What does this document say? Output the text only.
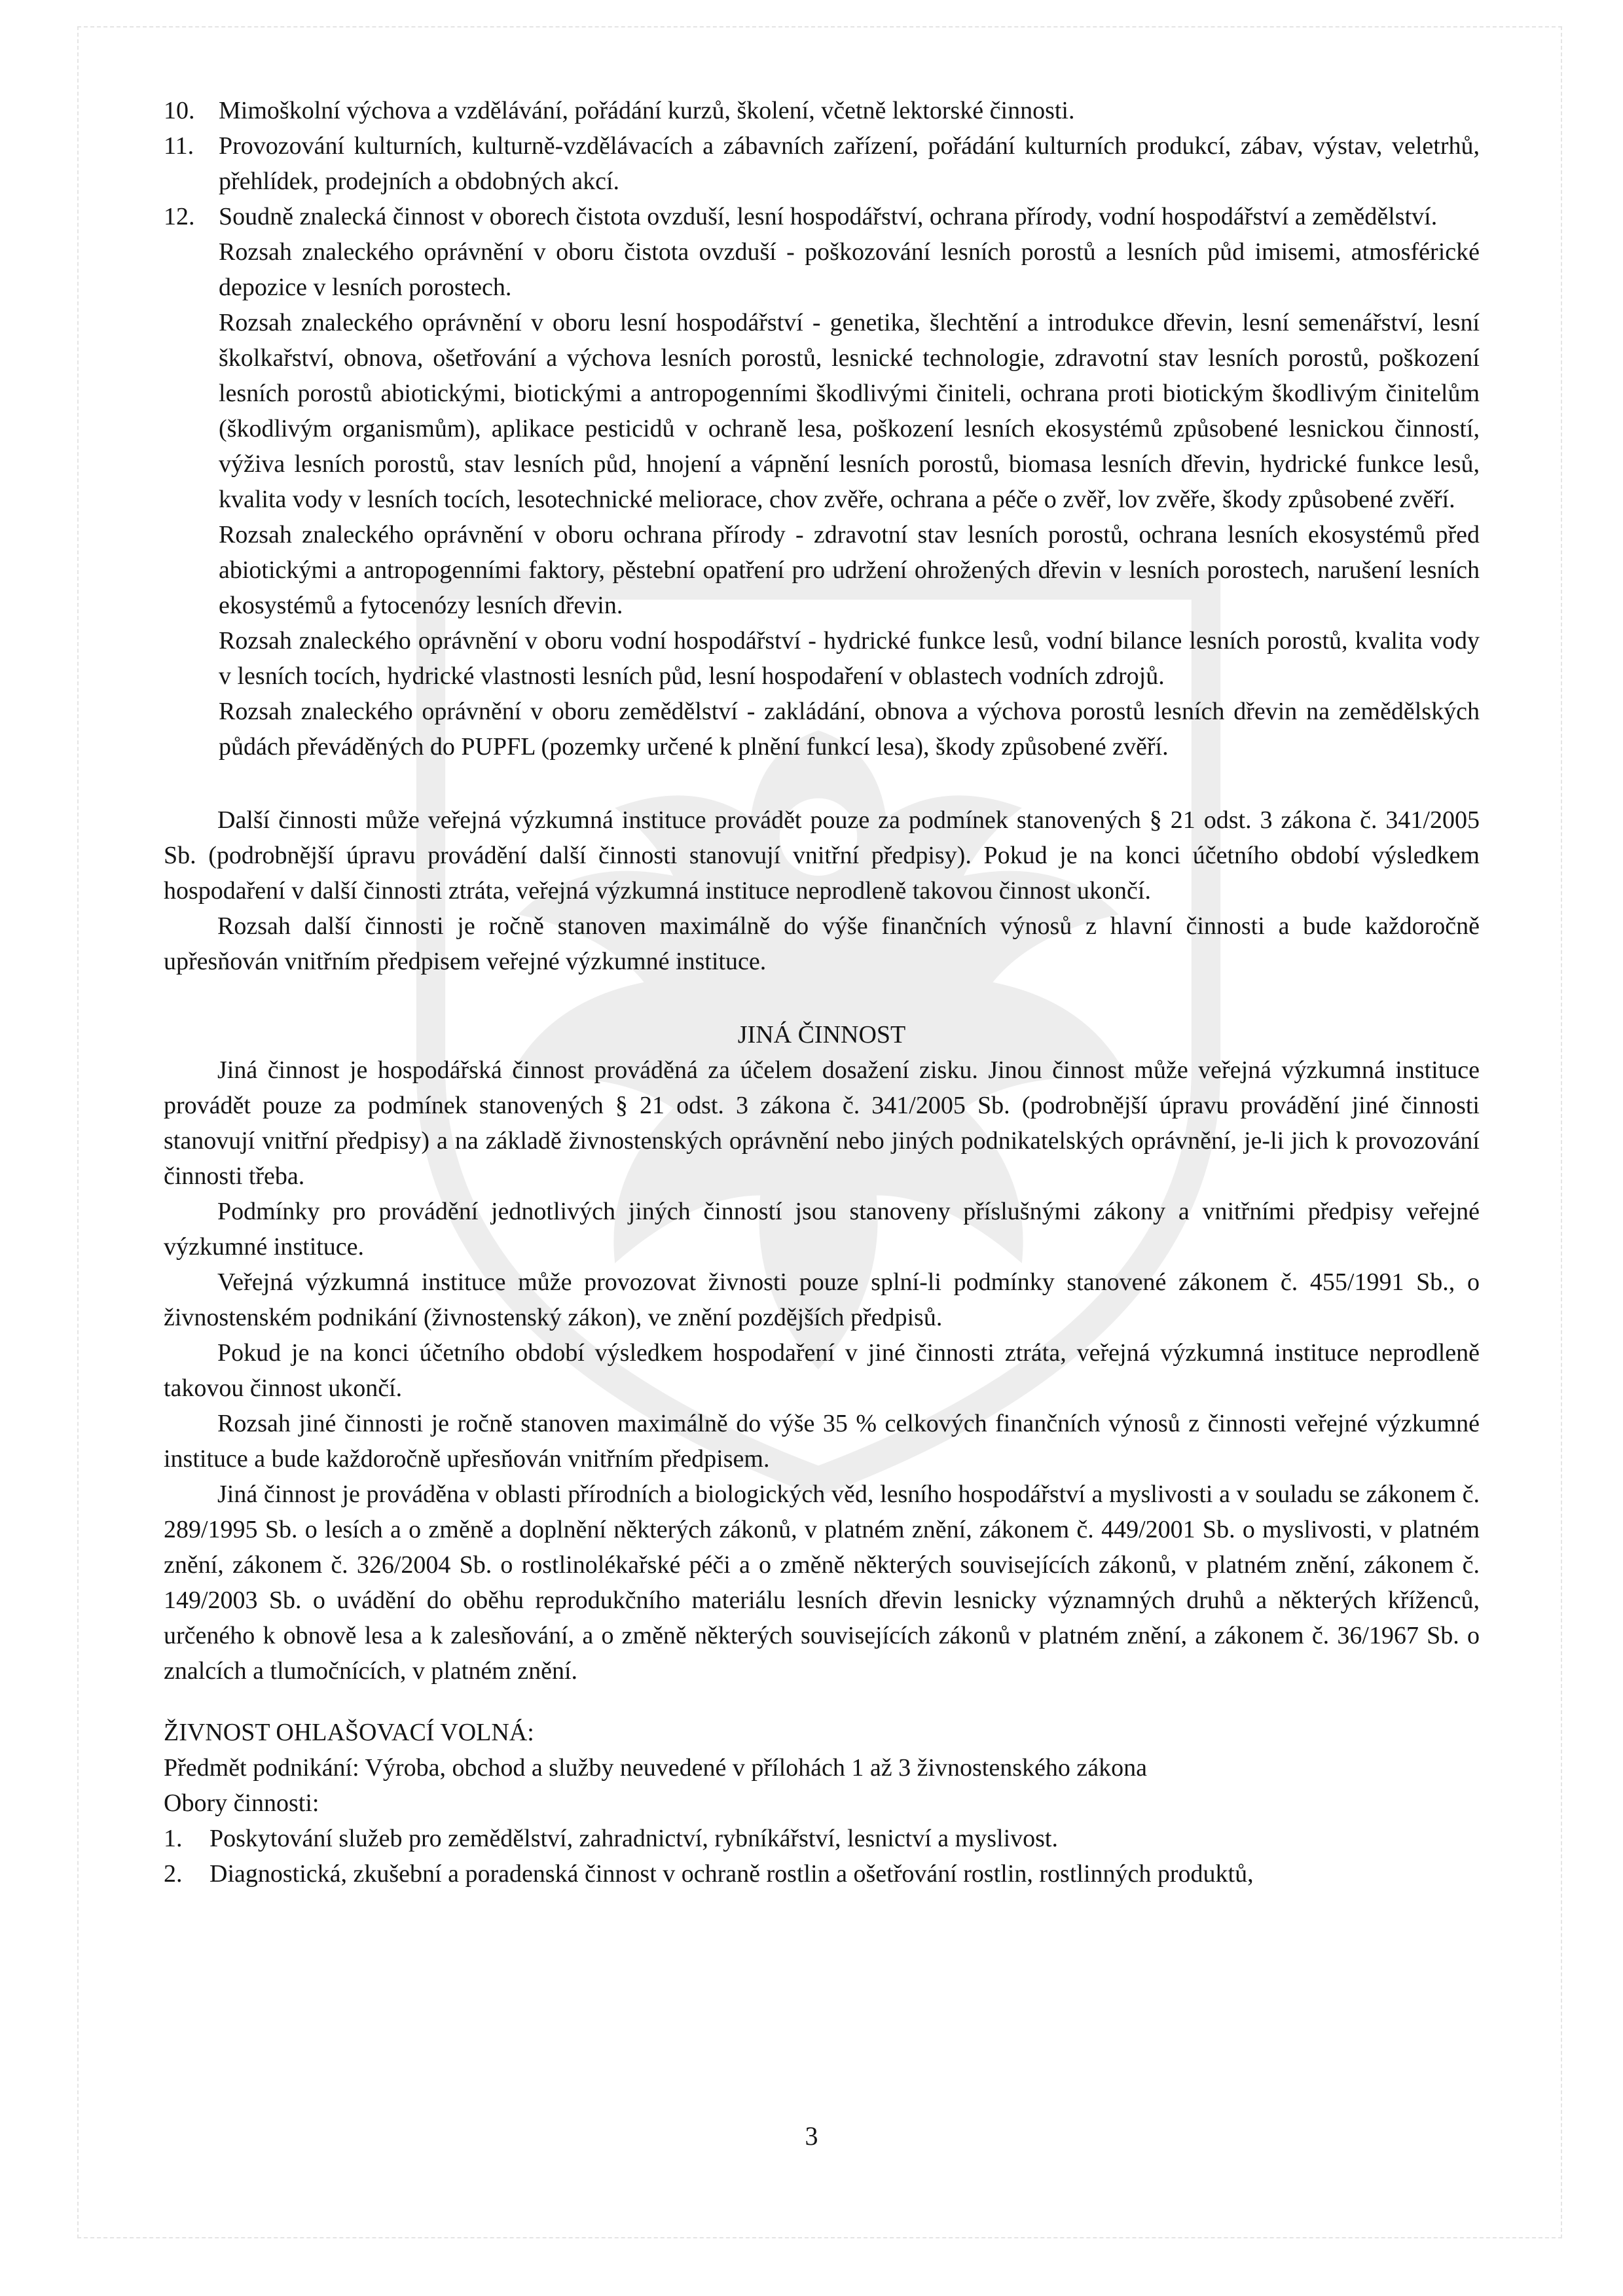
10. Mimoškolní výchova a vzdělávání, pořádání kurzů, školení, včetně lektorské činnosti.
11. Provozování kulturních, kulturně-vzdělávacích a zábavních zařízení, pořádání kulturních produkcí, zábav, výstav, veletrhů, přehlídek, prodejních a obdobných akcí.
12. Soudně znalecká činnost v oborech čistota ovzduší, lesní hospodářství, ochrana přírody, vodní hospodářství a zemědělství.
Rozsah znaleckého oprávnění v oboru čistota ovzduší - poškozování lesních porostů a lesních půd imisemi, atmosférické depozice v lesních porostech.
Rozsah znaleckého oprávnění v oboru lesní hospodářství - genetika, šlechtění a introdukce dřevin, lesní semenářství, lesní školkařství, obnova, ošetřování a výchova lesních porostů, lesnické technologie, zdravotní stav lesních porostů, poškození lesních porostů abiotickými, biotickými a antropogenními škodlivými činiteli, ochrana proti biotickým škodlivým činitelům (škodlivým organismům), aplikace pesticidů v ochraně lesa, poškození lesních ekosystémů způsobené lesnickou činností, výživa lesních porostů, stav lesních půd, hnojení a vápnění lesních porostů, biomasa lesních dřevin, hydrické funkce lesů, kvalita vody v lesních tocích, lesotechnické meliorace, chov zvěře, ochrana a péče o zvěř, lov zvěře, škody způsobené zvěří.
Rozsah znaleckého oprávnění v oboru ochrana přírody - zdravotní stav lesních porostů, ochrana lesních ekosystémů před abiotickými a antropogenními faktory, pěstební opatření pro udržení ohrožených dřevin v lesních porostech, narušení lesních ekosystémů a fytocenózy lesních dřevin.
Rozsah znaleckého oprávnění v oboru vodní hospodářství - hydrické funkce lesů, vodní bilance lesních porostů, kvalita vody v lesních tocích, hydrické vlastnosti lesních půd, lesní hospodaření v oblastech vodních zdrojů.
Rozsah znaleckého oprávnění v oboru zemědělství - zakládání, obnova a výchova porostů lesních dřevin na zemědělských půdách převáděných do PUPFL (pozemky určené k plnění funkcí lesa), škody způsobené zvěří.

Další činnosti může veřejná výzkumná instituce provádět pouze za podmínek stanovených § 21 odst. 3 zákona č. 341/2005 Sb. (podrobnější úpravu provádění další činnosti stanovují vnitřní předpisy). Pokud je na konci účetního období výsledkem hospodaření v další činnosti ztráta, veřejná výzkumná instituce neprodleně takovou činnost ukončí.

Rozsah další činnosti je ročně stanoven maximálně do výše finančních výnosů z hlavní činnosti a bude každoročně upřesňován vnitřním předpisem veřejné výzkumné instituce.

JINÁ ČINNOST

Jiná činnost je hospodářská činnost prováděná za účelem dosažení zisku. Jinou činnost může veřejná výzkumná instituce provádět pouze za podmínek stanovených § 21 odst. 3 zákona č. 341/2005 Sb. (podrobnější úpravu provádění jiné činnosti stanovují vnitřní předpisy) a na základě živnostenských oprávnění nebo jiných podnikatelských oprávnění, je-li jich k provozování činnosti třeba.

Podmínky pro provádění jednotlivých jiných činností jsou stanoveny příslušnými zákony a vnitřními předpisy veřejné výzkumné instituce.

Veřejná výzkumná instituce může provozovat živnosti pouze splní-li podmínky stanovené zákonem č. 455/1991 Sb., o živnostenském podnikání (živnostenský zákon), ve znění pozdějších předpisů.

Pokud je na konci účetního období výsledkem hospodaření v jiné činnosti ztráta, veřejná výzkumná instituce neprodleně takovou činnost ukončí.

Rozsah jiné činnosti je ročně stanoven maximálně do výše 35 % celkových finančních výnosů z činnosti veřejné výzkumné instituce a bude každoročně upřesňován vnitřním předpisem.

Jiná činnost je prováděna v oblasti přírodních a biologických věd, lesního hospodářství a myslivosti a v souladu se zákonem č. 289/1995 Sb. o lesích a o změně a doplnění některých zákonů, v platném znění, zákonem č. 449/2001 Sb. o myslivosti, v platném znění, zákonem č. 326/2004 Sb. o rostlinolékařské péči a o změně některých souvisejících zákonů, v platném znění, zákonem č. 149/2003 Sb. o uvádění do oběhu reprodukčního materiálu lesních dřevin lesnicky významných druhů a některých kříženců, určeného k obnově lesa a k zalesňování, a o změně některých souvisejících zákonů v platném znění, a zákonem č. 36/1967 Sb. o znalcích a tlumočnících, v platném znění.

ŽIVNOST OHLAŠOVACÍ VOLNÁ:

Předmět podnikání: Výroba, obchod a služby neuvedené v přílohách 1 až 3 živnostenského zákona

Obory činnosti:

1.	Poskytování služeb pro zemědělství, zahradnictví, rybníkářství, lesnictví a myslivost.
2.	Diagnostická, zkušební a poradenská činnost v ochraně rostlin a ošetřování rostlin, rostlinných produktů,
3
